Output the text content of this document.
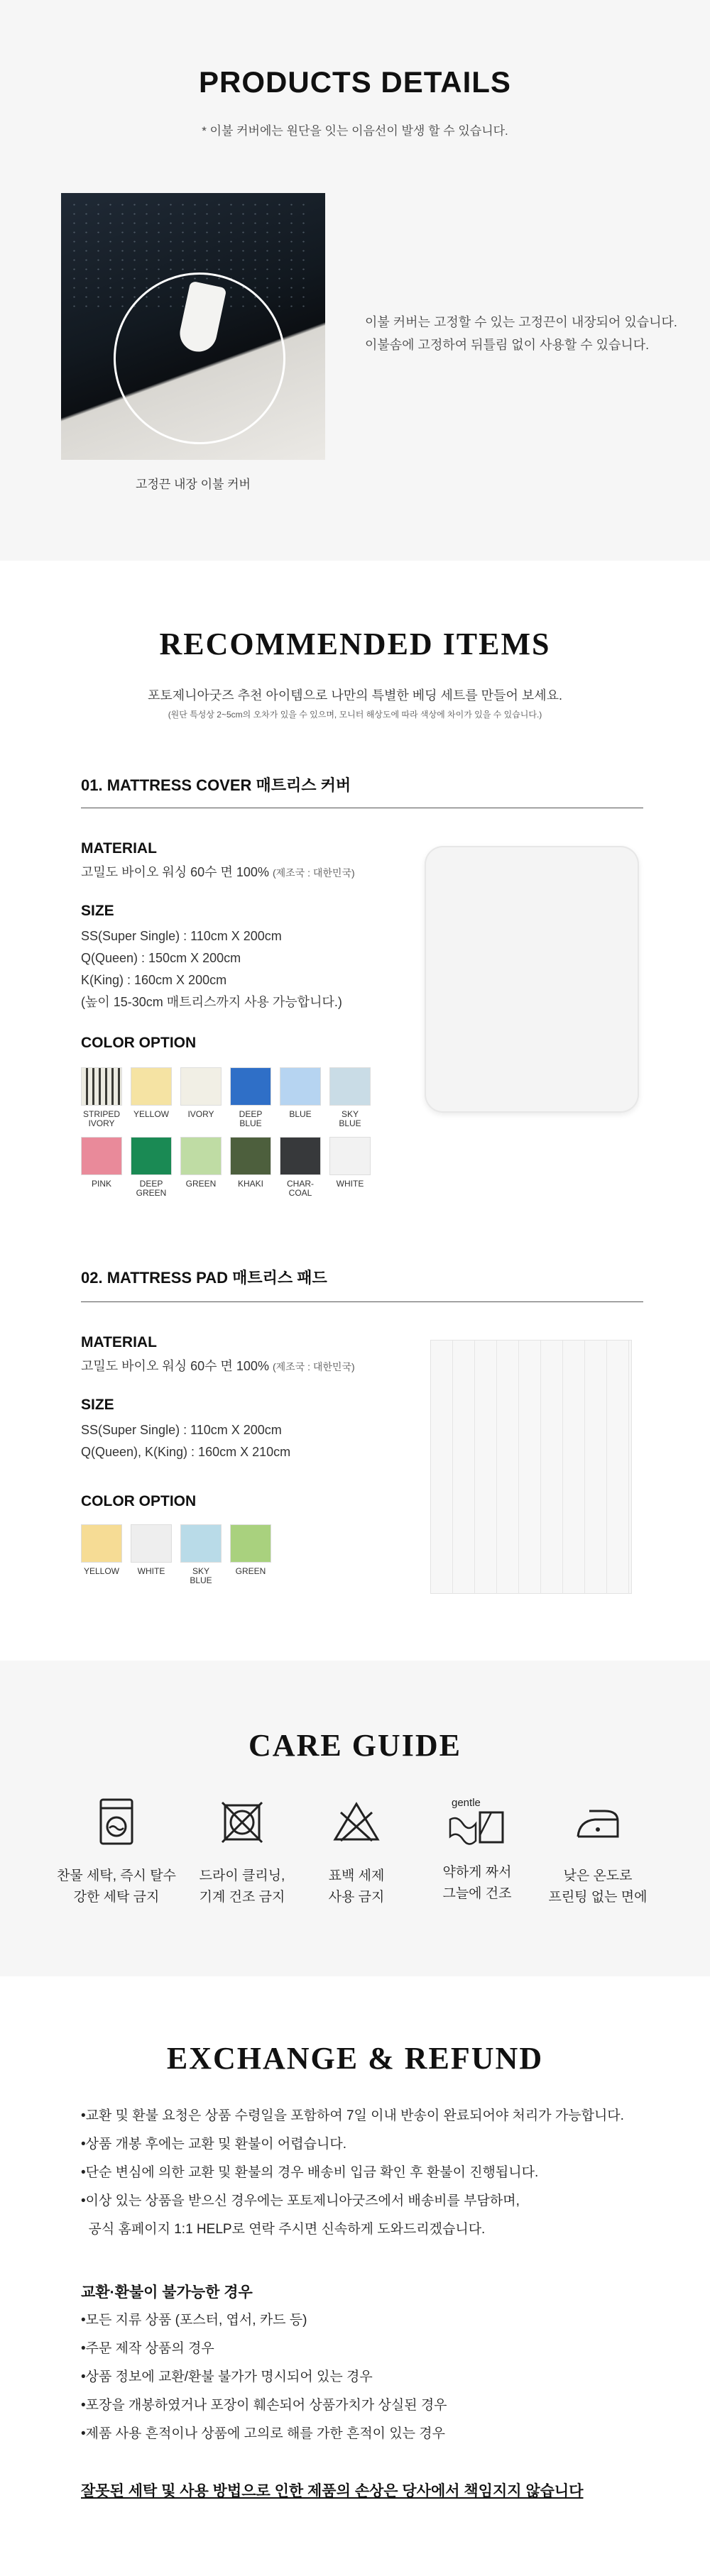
PRODUCTS DETAILS
* 이불 커버에는 원단을 잇는 이음선이 발생 할 수 있습니다.
고정끈 내장 이불 커버
이불 커버는 고정할 수 있는 고정끈이 내장되어 있습니다.
이불솜에 고정하여 뒤틀림 없이 사용할 수 있습니다.
RECOMMENDED ITEMS
포토제니아굿즈 추천 아이템으로 나만의 특별한 베딩 세트를 만들어 보세요.
(원단 특성상 2~5cm의 오차가 있을 수 있으며, 모니터 해상도에 따라 색상에 차이가 있을 수 있습니다.)
01. MATTRESS COVER 매트리스 커버
MATERIAL
고밀도 바이오 워싱 60수 면 100% (제조국 : 대한민국)
SIZE
SS(Super Single) : 110cm X 200cm
Q(Queen) : 150cm X 200cm
K(King) : 160cm X 200cm
(높이 15-30cm 매트리스까지 사용 가능합니다.)
COLOR OPTION
STRIPED IVORY
YELLOW	IVORY	DEEP BLUE
BLUE	SKY BLUE
PINK	DEEP GREEN
GREEN	KHAKI	CHAR-COAL
WHITE
02. MATTRESS PAD 매트리스 패드
MATERIAL
고밀도 바이오 워싱 60수 면 100% (제조국 : 대한민국)
SIZE
SS(Super Single) : 110cm X 200cm
Q(Queen), K(King) : 160cm X 210cm
COLOR OPTION
YELLOW	WHITE	SKY BLUE
GREEN
CARE GUIDE
찬물 세탁, 즉시 탈수
강한 세탁 금지
드라이 클리닝,
기계 건조 금지
표백 세제
사용 금지
gentle
약하게 짜서
그늘에 건조
낮은 온도로
프린팅 없는 면에
EXCHANGE & REFUND
•교환 및 환불 요청은 상품 수령일을 포함하여 7일 이내 반송이 완료되어야 처리가 가능합니다.
•상품 개봉 후에는 교환 및 환불이 어렵습니다.
•단순 변심에 의한 교환 및 환불의 경우 배송비 입금 확인 후 환불이 진행됩니다.
•이상 있는 상품을 받으신 경우에는 포토제니아굿즈에서 배송비를 부담하며,
공식 홈페이지 1:1 HELP로 연락 주시면 신속하게 도와드리겠습니다.
교환·환불이 불가능한 경우
•모든 지류 상품 (포스터, 엽서, 카드 등)
•주문 제작 상품의 경우
•상품 정보에 교환/환불 불가가 명시되어 있는 경우
•포장을 개봉하였거나 포장이 훼손되어 상품가치가 상실된 경우
•제품 사용 흔적이나 상품에 고의로 해를 가한 흔적이 있는 경우
잘못된 세탁 및 사용 방법으로 인한 제품의 손상은 당사에서 책임지지 않습니다
